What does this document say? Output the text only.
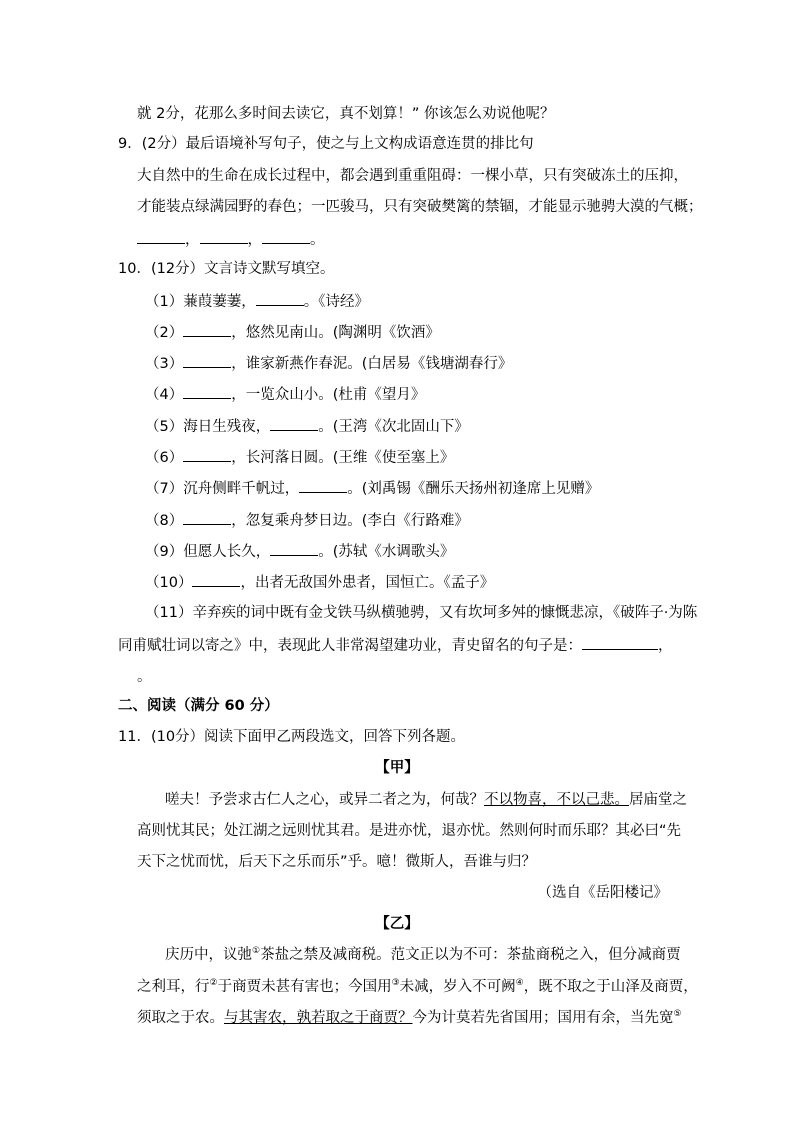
就 2分，花那么多时间去读它，真不划算！” 你该怎么劝说他呢？
9．(2分）最后语境补写句子，使之与上文构成语意连贯的排比句
大自然中的生命在成长过程中，都会遇到重重阻碍：一棵小草，只有突破冻土的压抑，
才能装点绿满园野的春色；一匹骏马，只有突破樊篱的禁锢，才能显示驰骋大漠的气概；
，	，	。
10．(12分）文言诗文默写填空。
（1）蒹葭萋萋，	。《诗经》
（2）	，悠然见南山。(陶渊明《饮酒》
（3）	，谁家新燕作春泥。(白居易《钱塘湖春行》
（4）	，一览众山小。(杜甫《望月》
（5）海日生残夜，	。(王湾《次北固山下》
（6）	，长河落日圆。(王维《使至塞上》
（7）沉舟侧畔千帆过，	。(刘禹锡《酬乐天扬州初逢席上见赠》
（8）	，忽复乘舟梦日边。(李白《行路难》
（9）但愿人长久，	。(苏轼《水调歌头》
（10）	，出者无敌国外患者，国恒亡。《孟子》
（11）辛弃疾的词中既有金戈铁马纵横驰骋，又有坎坷多舛的慷慨悲凉，《破阵子·为陈
同甫赋壮词以寄之》中，表现此人非常渴望建功业，青史留名的句子是：	，
。
二、阅读（满分 60 分）
11．(10分）阅读下面甲乙两段选文，回答下列各题。
【甲】
嗟夫！予尝求古仁人之心，或异二者之为，何哉？不以物喜，不以己悲。居庙堂之
高则忧其民；处江湖之远则忧其君。是进亦忧，退亦忧。然则何时而乐耶？其必曰“先
天下之忧而忧，后天下之乐而乐”乎。噫！微斯人，吾谁与归？
（选自《岳阳楼记》
【乙】
庆历中，议弛①茶盐之禁及减商税。范文正以为不可：茶盐商税之入，但分减商贾
之利耳，行②于商贾未甚有害也；今国用③未减，岁入不可阙④，既不取之于山泽及商贾，
须取之于农。与其害农，孰若取之于商贾？今为计莫若先省国用；国用有余，当先宽⑤
